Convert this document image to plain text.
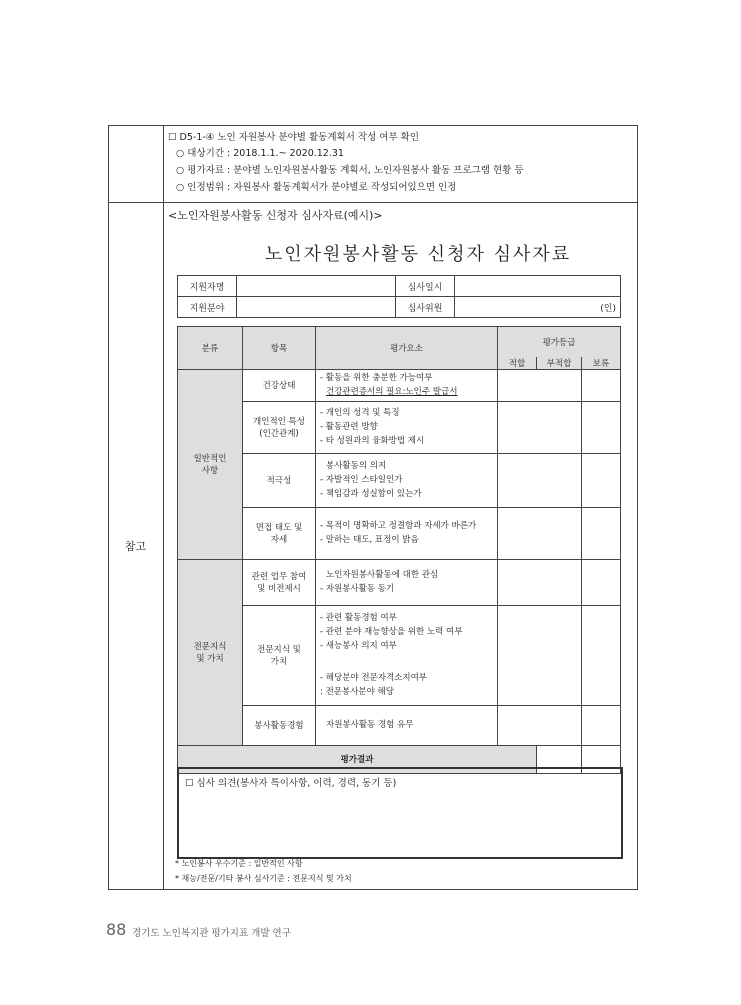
참고
☐ D5-1-④ 노인 자원봉사 분야별 활동계획서 작성 여부 확인
○ 대상기간 : 2018.1.1.~ 2020.12.31
○ 평가자료 : 분야별 노인자원봉사활동 계획서, 노인자원봉사 활동 프로그램 현황 등
○ 인정범위 : 자원봉사 활동계획서가 분야별로 작성되어있으면 인정
<노인자원봉사활동 신청자 심사자료(예시)>
노인자원봉사활동 신청자 심사자료
지원자명		심사일시	
지원분야		심사위원	(인)
분류	항목	평가요소	평가등급		
			적합	부적합	보류
일반적인
사항	건강상태	- 활동을 위한 충분한 가능여부
건강관련증서의 필요:노인주 발급서			

	개인적인 특성
(인간관계)	- 개인의 성격 및 특징
- 활동관련 방향
- 타 성원과의 융화방법 제시			

	적극성	봉사활동의 의지
- 자발적인 스타일인가
- 책임감과 성실함이 있는가			

	면접 태도 및
자세	- 목적이 명확하고 정결함과 자세가 바른가
- 말하는 태도, 표정이 밝음			

전문지식
및 가치	관련 업무 참여
및 비전제시	노인자원봉사활동에 대한 관심
- 자원봉사활동 동기			

	전문지식 및
가치	- 관련 활동경험 여부
- 관련 분야 재능향상을 위한 노력 여부
- 새능봉사 의지 여부
- 해당분야 전문자격소지여부
: 전문봉사분야 해당			

	봉사활동경험	자원봉사활동 경험 유무			

평가결과					
☐ 심사 의견(봉사자 특이사항, 이력, 경력, 동기 등)
* 노인봉사 우수기준 : 일반적인 사항
* 재능/전문/기타 봉사 심사기준 : 전문지식 및 가치
88 경기도 노인복지관 평가지표 개발 연구
